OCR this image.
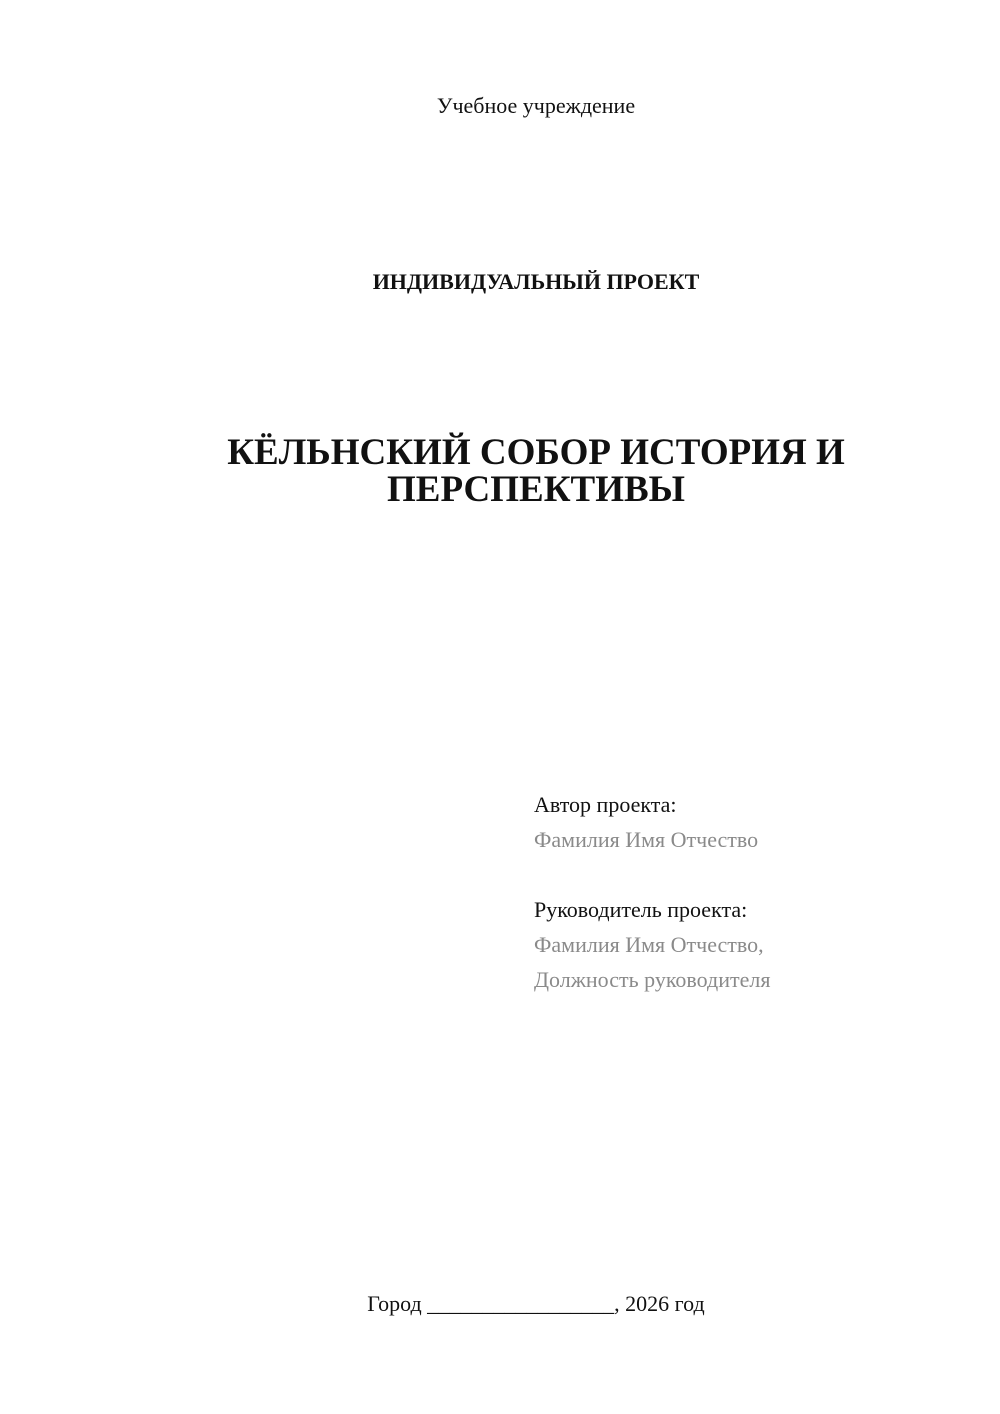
Учебное учреждение
ИНДИВИДУАЛЬНЫЙ ПРОЕКТ
КЁЛЬНСКИЙ СОБОР ИСТОРИЯ И
ПЕРСПЕКТИВЫ
Автор проекта:
Фамилия Имя Отчество
Руководитель проекта:
Фамилия Имя Отчество,
Должность руководителя
Город _________________, 2026 год
